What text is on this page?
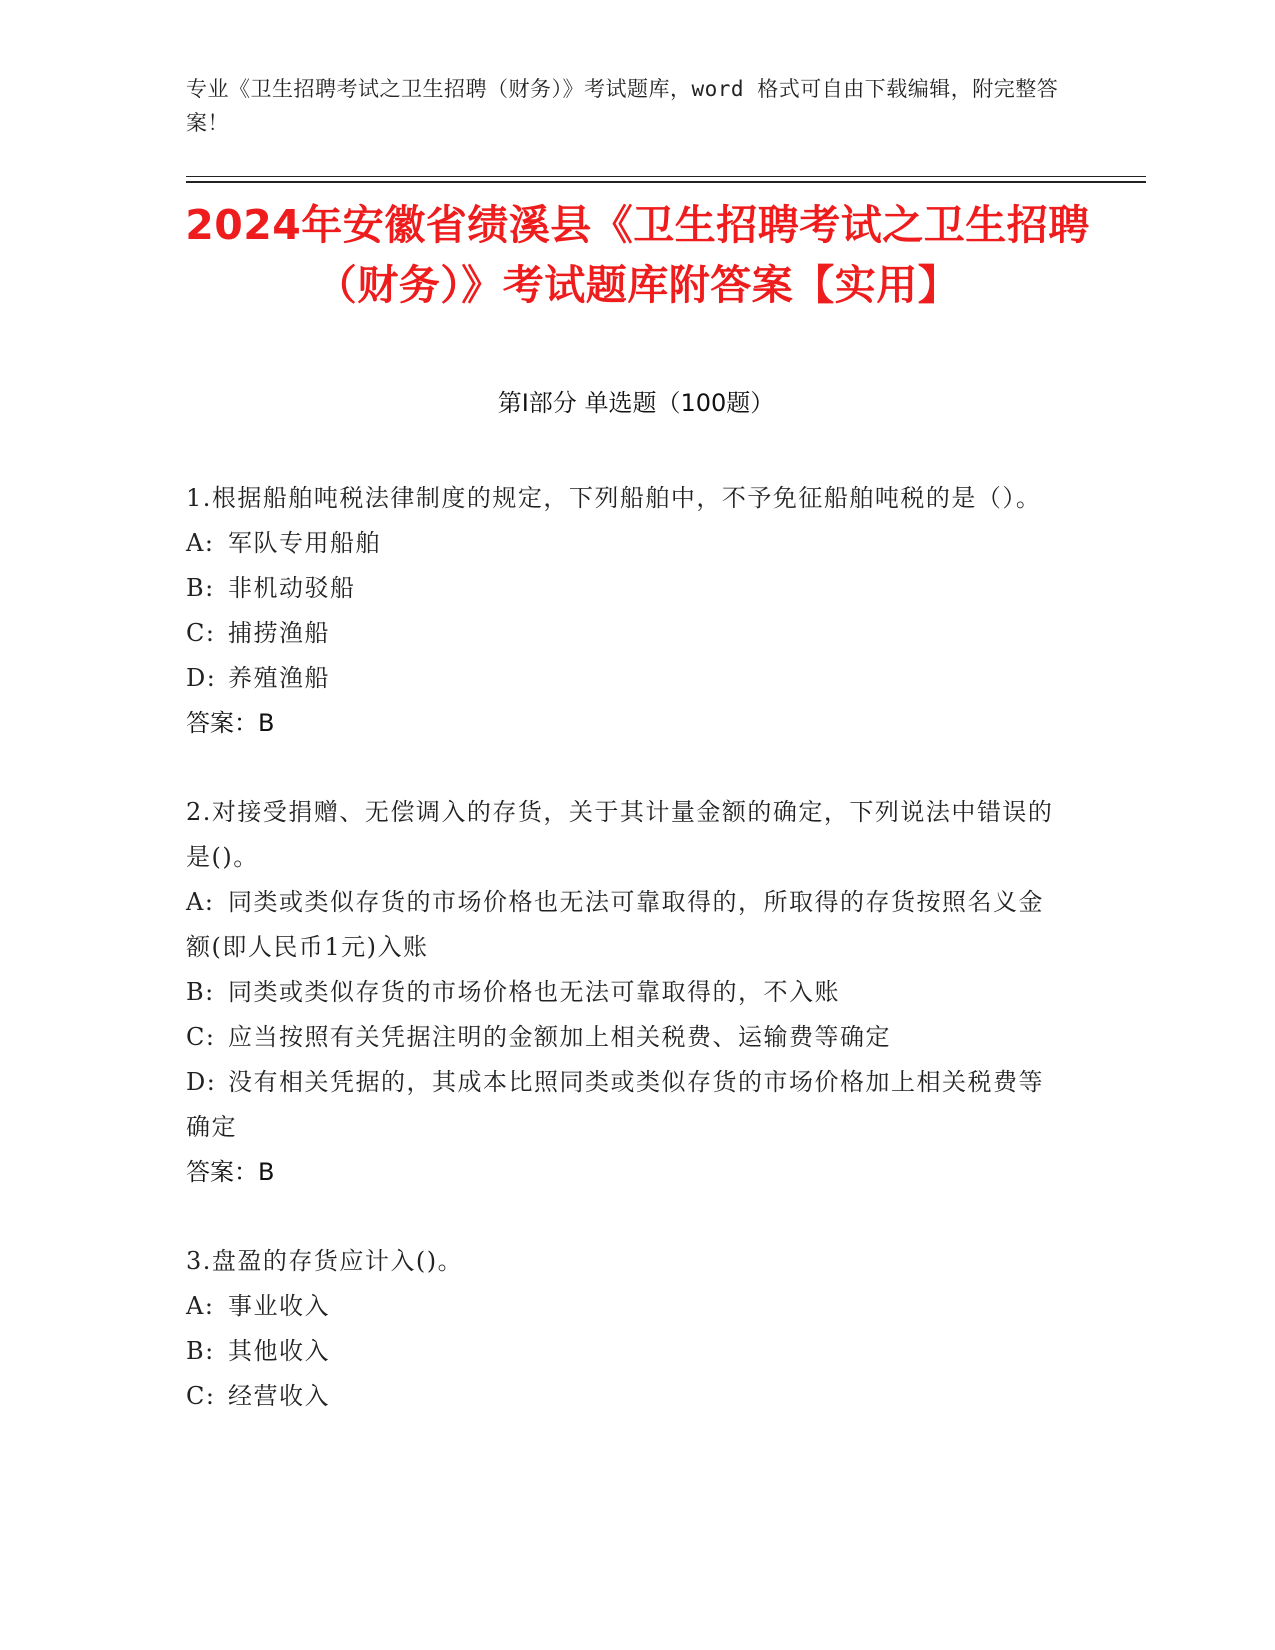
专业《卫生招聘考试之卫生招聘（财务）》考试题库，word 格式可自由下载编辑，附完整答案！
2024年安徽省绩溪县《卫生招聘考试之卫生招聘（财务）》考试题库附答案【实用】
第Ⅰ部分 单选题（100题）

1.根据船舶吨税法律制度的规定，下列船舶中，不予免征船舶吨税的是（）。

A: 军队专用船舶

B: 非机动驳船

C: 捕捞渔船

D: 养殖渔船

答案：B

2.对接受捐赠、无偿调入的存货，关于其计量金额的确定，下列说法中错误的是()。

A: 同类或类似存货的市场价格也无法可靠取得的，所取得的存货按照名义金额(即人民币1元)入账

B: 同类或类似存货的市场价格也无法可靠取得的，不入账

C: 应当按照有关凭据注明的金额加上相关税费、运输费等确定

D: 没有相关凭据的，其成本比照同类或类似存货的市场价格加上相关税费等确定

答案：B

3.盘盈的存货应计入()。

A: 事业收入

B: 其他收入

C: 经营收入
